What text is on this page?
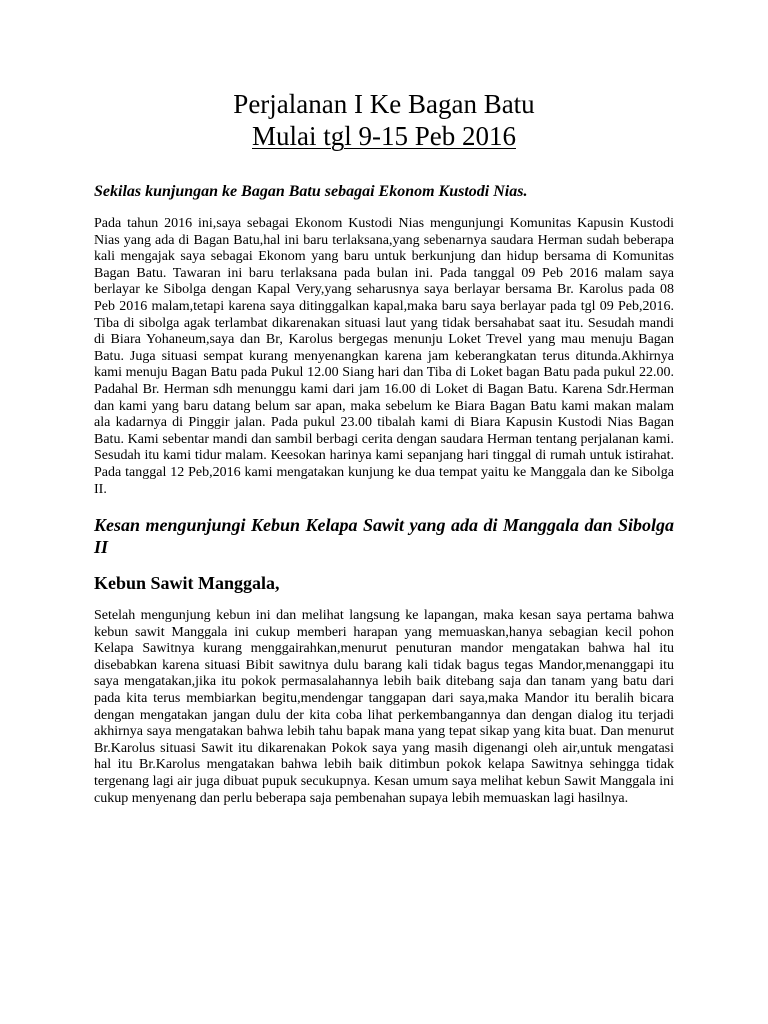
Perjalanan I Ke Bagan Batu
Mulai tgl 9-15 Peb 2016

Sekilas kunjungan ke Bagan Batu sebagai Ekonom Kustodi Nias.

Pada tahun 2016 ini,saya sebagai Ekonom Kustodi Nias mengunjungi Komunitas Kapusin Kustodi Nias yang ada di Bagan Batu,hal ini baru terlaksana,yang sebenarnya saudara Herman sudah beberapa kali mengajak saya sebagai Ekonom yang baru untuk berkunjung dan hidup bersama di Komunitas Bagan Batu. Tawaran ini baru terlaksana pada bulan ini. Pada tanggal 09 Peb 2016 malam saya berlayar ke Sibolga dengan Kapal Very,yang seharusnya saya berlayar bersama Br. Karolus pada 08 Peb 2016 malam,tetapi karena saya ditinggalkan kapal,maka baru saya berlayar pada tgl 09 Peb,2016. Tiba di sibolga agak terlambat dikarenakan situasi laut yang tidak bersahabat saat itu. Sesudah mandi di Biara Yohaneum,saya dan Br, Karolus bergegas menunju Loket Trevel yang mau menuju Bagan Batu. Juga situasi sempat kurang menyenangkan karena jam keberangkatan terus ditunda.Akhirnya kami menuju Bagan Batu pada Pukul 12.00 Siang hari dan Tiba di Loket bagan Batu pada pukul 22.00. Padahal Br. Herman sdh menunggu kami dari jam 16.00 di Loket di Bagan Batu. Karena Sdr.Herman dan kami yang baru datang belum sar apan, maka sebelum ke Biara Bagan Batu kami makan malam ala kadarnya di Pinggir jalan. Pada pukul 23.00 tibalah kami di Biara Kapusin Kustodi Nias Bagan Batu. Kami sebentar mandi dan sambil berbagi cerita dengan saudara Herman tentang perjalanan kami. Sesudah itu kami tidur malam. Keesokan harinya kami sepanjang hari tinggal di rumah untuk istirahat. Pada tanggal 12 Peb,2016 kami mengatakan kunjung ke dua tempat yaitu ke Manggala dan ke Sibolga II.

Kesan mengunjungi Kebun Kelapa Sawit yang ada di Manggala dan Sibolga II

Kebun Sawit Manggala,

Setelah mengunjung kebun ini dan melihat langsung ke lapangan, maka kesan saya pertama bahwa kebun sawit Manggala ini cukup memberi harapan yang memuaskan,hanya sebagian kecil pohon Kelapa Sawitnya kurang menggairahkan,menurut penuturan mandor mengatakan bahwa hal itu disebabkan karena situasi Bibit sawitnya dulu barang kali tidak bagus tegas Mandor,menanggapi itu saya mengatakan,jika itu pokok permasalahannya lebih baik ditebang saja dan tanam yang batu dari pada kita terus membiarkan begitu,mendengar tanggapan dari saya,maka Mandor itu beralih bicara dengan mengatakan jangan dulu der kita coba lihat perkembangannya dan dengan dialog itu terjadi akhirnya saya mengatakan bahwa lebih tahu bapak mana yang tepat sikap yang kita buat. Dan menurut Br.Karolus situasi Sawit itu dikarenakan Pokok saya yang masih digenangi oleh air,untuk mengatasi hal itu Br.Karolus mengatakan bahwa lebih baik ditimbun pokok kelapa Sawitnya sehingga tidak tergenang lagi air juga dibuat pupuk secukupnya. Kesan umum saya melihat kebun Sawit Manggala ini cukup menyenang dan perlu beberapa saja pembenahan supaya lebih memuaskan lagi hasilnya.
